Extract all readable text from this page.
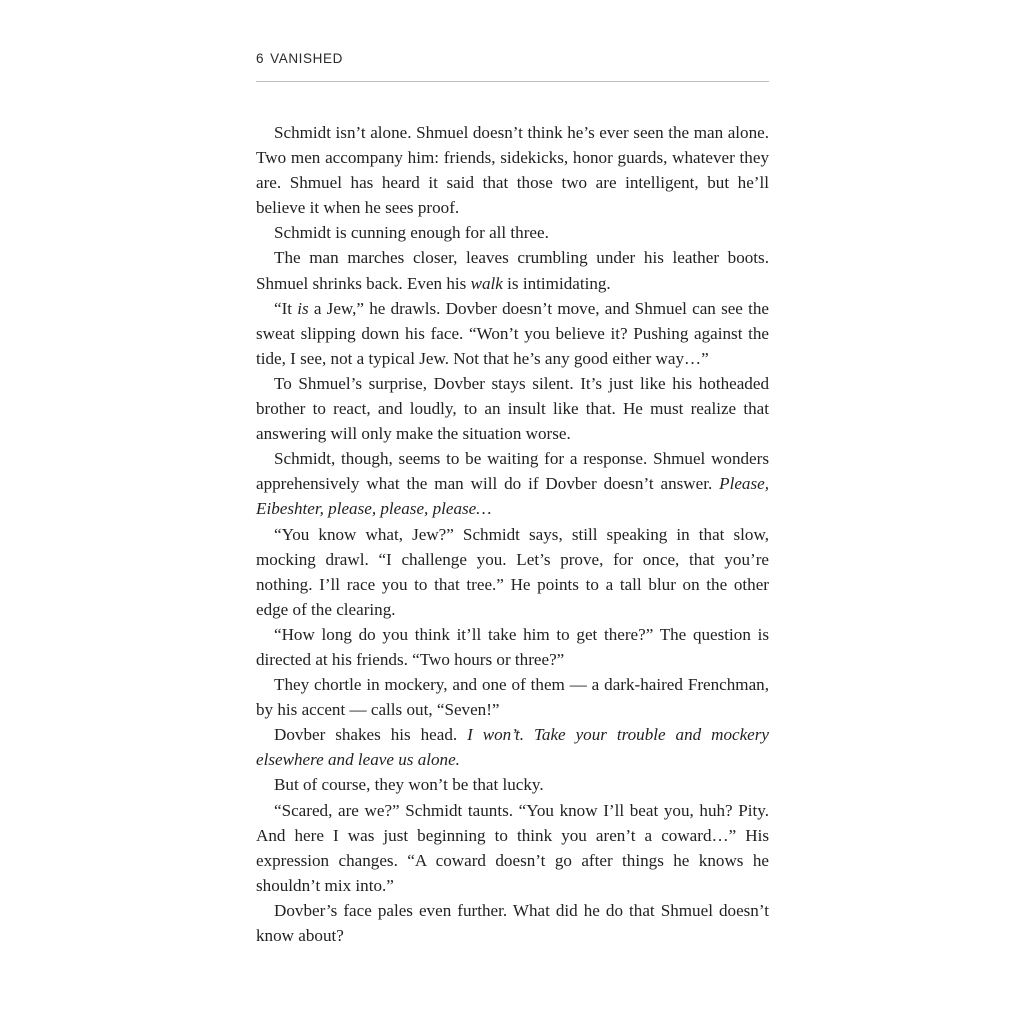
6 VANISHED

Schmidt isn’t alone. Shmuel doesn’t think he’s ever seen the man alone. Two men accompany him: friends, sidekicks, honor guards, whatever they are. Shmuel has heard it said that those two are intelligent, but he’ll believe it when he sees proof.

Schmidt is cunning enough for all three.

The man marches closer, leaves crumbling under his leather boots. Shmuel shrinks back. Even his walk is intimidating.

“It is a Jew,” he drawls. Dovber doesn’t move, and Shmuel can see the sweat slipping down his face. “Won’t you believe it? Pushing against the tide, I see, not a typical Jew. Not that he’s any good either way…”

To Shmuel’s surprise, Dovber stays silent. It’s just like his hotheaded brother to react, and loudly, to an insult like that. He must realize that answering will only make the situation worse.

Schmidt, though, seems to be waiting for a response. Shmuel wonders apprehensively what the man will do if Dovber doesn’t answer. Please, Eibeshter, please, please, please…

“You know what, Jew?” Schmidt says, still speaking in that slow, mocking drawl. “I challenge you. Let’s prove, for once, that you’re nothing. I’ll race you to that tree.” He points to a tall blur on the other edge of the clearing.

“How long do you think it’ll take him to get there?” The question is directed at his friends. “Two hours or three?”

They chortle in mockery, and one of them — a dark-haired Frenchman, by his accent — calls out, “Seven!”

Dovber shakes his head. I won’t. Take your trouble and mockery elsewhere and leave us alone.

But of course, they won’t be that lucky.

“Scared, are we?” Schmidt taunts. “You know I’ll beat you, huh? Pity. And here I was just beginning to think you aren’t a coward…” His expression changes. “A coward doesn’t go after things he knows he shouldn’t mix into.”

Dovber’s face pales even further. What did he do that Shmuel doesn’t know about?
